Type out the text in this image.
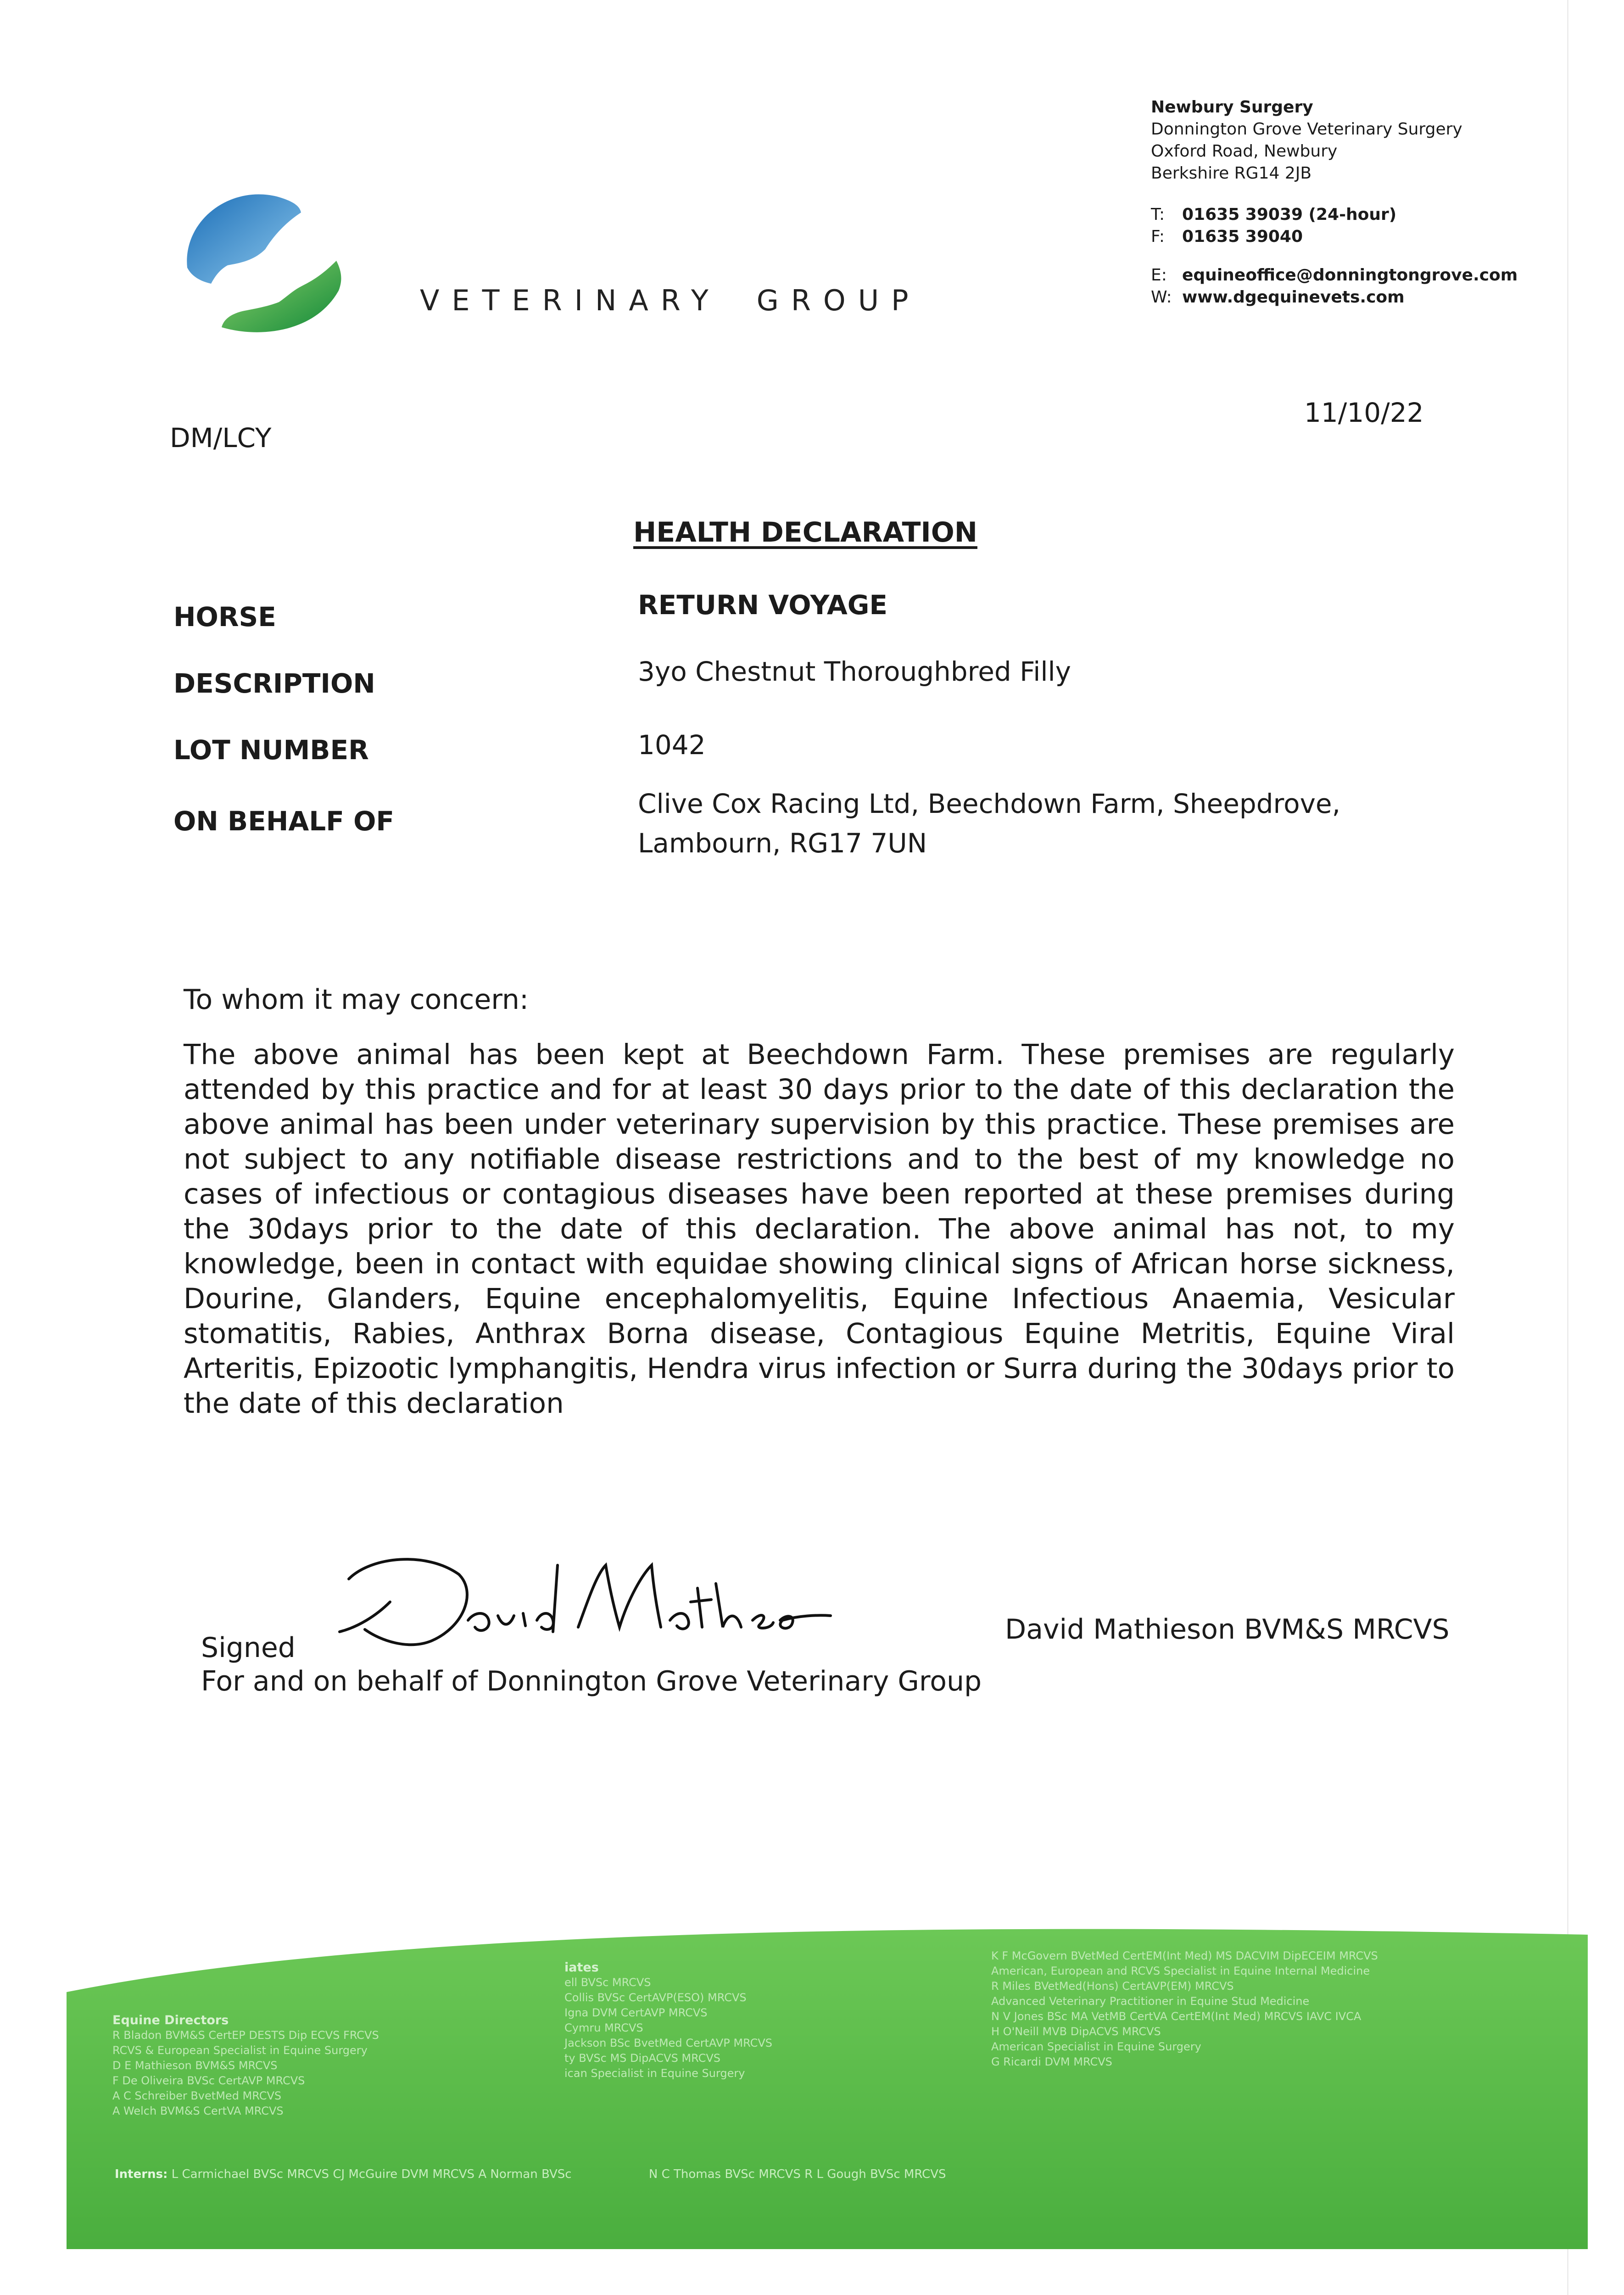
Newbury Surgery
Donnington Grove Veterinary Surgery
Oxford Road, Newbury
Berkshire RG14 2JB
T:	01635 39039 (24-hour)
F:	01635 39040
E: equineoffice@donningtongrove.com
W: www.dgequinevets.com
VETERINARY GROUP
DM/LCY
11/10/22
HEALTH DECLARATION
HORSE	RETURN VOYAGE
DESCRIPTION	3yo Chestnut Thoroughbred Filly
LOT NUMBER	1042
ON BEHALF OF
Clive Cox Racing Ltd, Beechdown Farm, Sheepdrove,
Lambourn, RG17 7UN
To whom it may concern:
The above animal has been kept at Beechdown Farm. These premises are regularly attended by this practice and for at least 30 days prior to the date of this declaration the above animal has been under veterinary supervision by this practice. These premises are not subject to any notifiable disease restrictions and to the best of my knowledge no cases of infectious or contagious diseases have been reported at these premises during the 30days prior to the date of this declaration. The above animal has not, to my knowledge, been in contact with equidae showing clinical signs of African horse sickness, Dourine, Glanders, Equine encephalomyelitis, Equine Infectious Anaemia, Vesicular stomatitis, Rabies, Anthrax Borna disease, Contagious Equine Metritis, Equine Viral Arteritis, Epizootic lymphangitis, Hendra virus infection or Surra during the 30days prior to the date of this declaration
Signed
David Mathieson BVM&S MRCVS
For and on behalf of Donnington Grove Veterinary Group
Equine Directors
R Bladon BVM&S CertEP DESTS Dip ECVS FRCVS
RCVS & European Specialist in Equine Surgery
D E Mathieson BVM&S MRCVS
F De Oliveira BVSc CertAVP MRCVS
A C Schreiber BvetMed MRCVS
A Welch BVM&S CertVA MRCVS
iates
ell BVSc MRCVS
Collis BVSc CertAVP(ESO) MRCVS
Igna DVM CertAVP MRCVS
Cymru MRCVS
Jackson BSc BvetMed CertAVP MRCVS
ty BVSc MS DipACVS MRCVS
ican Specialist in Equine Surgery
K F McGovern BVetMed CertEM(Int Med) MS DACVIM DipECEIM MRCVS
American, European and RCVS Specialist in Equine Internal Medicine
R Miles BVetMed(Hons) CertAVP(EM) MRCVS
Advanced Veterinary Practitioner in Equine Stud Medicine
N V Jones BSc MA VetMB CertVA CertEM(Int Med) MRCVS IAVC IVCA
H O'Neill MVB DipACVS MRCVS
American Specialist in Equine Surgery
G Ricardi DVM MRCVS
Interns: L Carmichael BVSc MRCVS CJ McGuire DVM MRCVS A Norman BVSc	N C Thomas BVSc MRCVS R L Gough BVSc MRCVS
